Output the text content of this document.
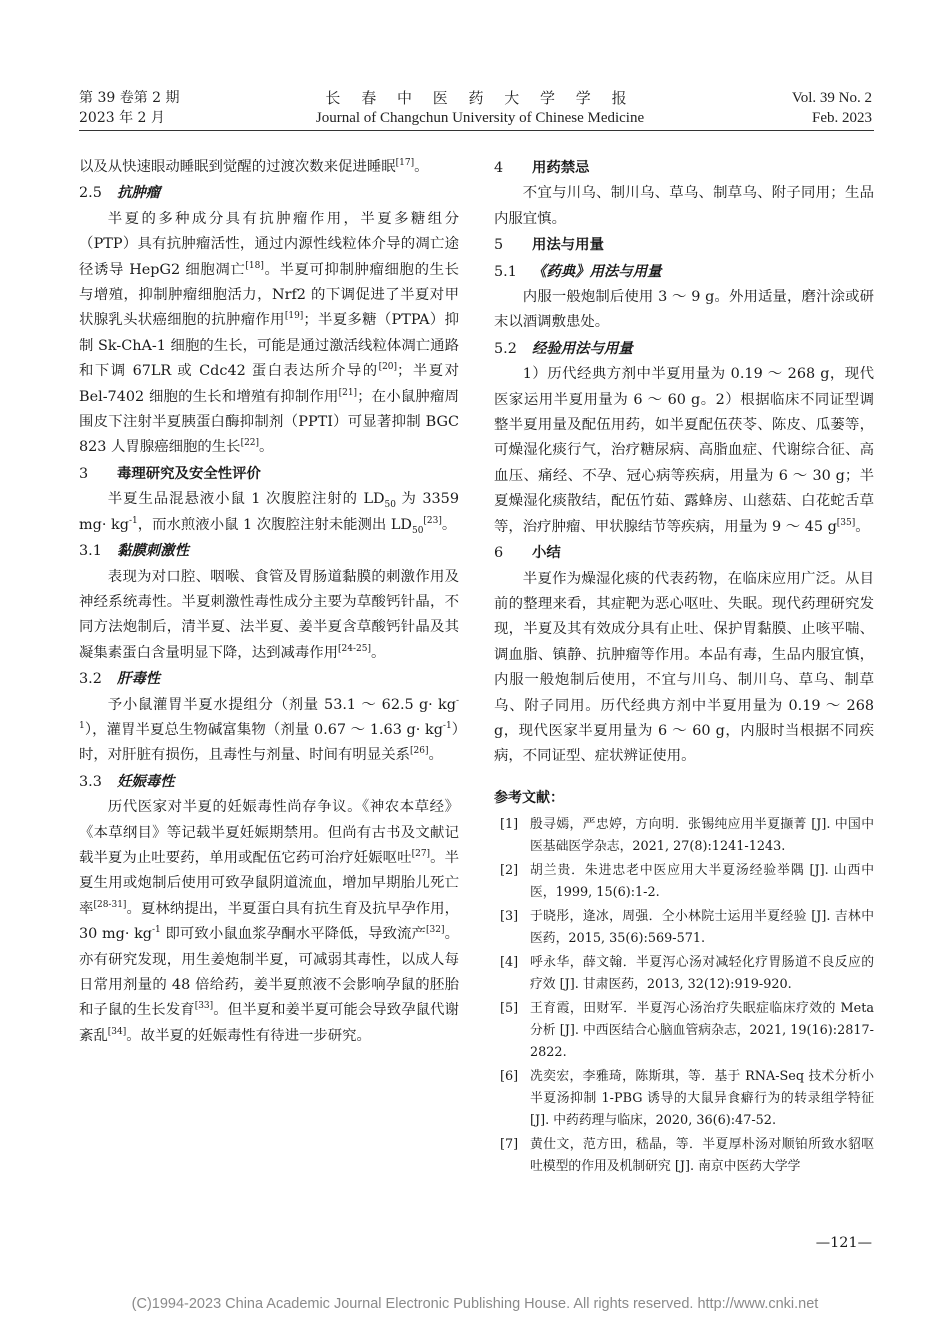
第 39 卷第 2 期
2023 年 2 月
长 春 中 医 药 大 学 学 报
Journal of Changchun University of Chinese Medicine
Vol. 39 No. 2
Feb. 2023

以及从快速眼动睡眠到觉醒的过渡次数来促进睡眠[17]。

2.5 抗肿瘤

半夏的多种成分具有抗肿瘤作用，半夏多糖组分（PTP）具有抗肿瘤活性，通过内源性线粒体介导的凋亡途径诱导 HepG2 细胞凋亡[18]。半夏可抑制肿瘤细胞的生长与增殖，抑制肿瘤细胞活力，Nrf2 的下调促进了半夏对甲状腺乳头状癌细胞的抗肿瘤作用[19]；半夏多糖（PTPA）抑制 Sk-ChA-1 细胞的生长，可能是通过激活线粒体凋亡通路和下调 67LR 或 Cdc42 蛋白表达所介导的[20]；半夏对 Bel-7402 细胞的生长和增殖有抑制作用[21]；在小鼠肿瘤周围皮下注射半夏胰蛋白酶抑制剂（PPTI）可显著抑制 BGC 823 人胃腺癌细胞的生长[22]。

3 毒理研究及安全性评价

半夏生品混悬液小鼠 1 次腹腔注射的 $LD_{50}$ 为 3359 $mg\cdot kg^{-1}$，而水煎液小鼠 1 次腹腔注射未能测出 $LD_{50}[23]$。

3.1 黏膜刺激性

表现为对口腔、咽喉、食管及胃肠道黏膜的刺激作用及神经系统毒性。半夏刺激性毒性成分主要为草酸钙针晶，不同方法炮制后，清半夏、法半夏、姜半夏含草酸钙针晶及其凝集素蛋白含量明显下降，达到减毒作用[24-25]。

3.2 肝毒性

予小鼠灌胃半夏水提组分（剂量 53.1 ～ 62.5 $g\cdot kg^{-1}$），灌胃半夏总生物碱富集物（剂量 0.67 ～ 1.63 $g\cdot kg^{-1}$）时，对肝脏有损伤，且毒性与剂量、时间有明显关系[26]。

3.3 妊娠毒性

历代医家对半夏的妊娠毒性尚存争议。《神农本草经》《本草纲目》等记载半夏妊娠期禁用。但尚有古书及文献记载半夏为止吐要药，单用或配伍它药可治疗妊娠呕吐[27]。半夏生用或炮制后使用可致孕鼠阴道流血，增加早期胎儿死亡率[28-31]。夏林纳提出，半夏蛋白具有抗生育及抗早孕作用，30 $mg\cdot kg^{-1}$ 即可致小鼠血浆孕酮水平降低，导致流产[32]。亦有研究发现，用生姜炮制半夏，可减弱其毒性，以成人每日常用剂量的 48 倍给药，姜半夏煎液不会影响孕鼠的胚胎和子鼠的生长发育[33]。但半夏和姜半夏可能会导致孕鼠代谢紊乱[34]。故半夏的妊娠毒性有待进一步研究。

4 用药禁忌

不宜与川乌、制川乌、草乌、制草乌、附子同用；生品内服宜慎。

5 用法与用量

5.1 《药典》用法与用量

内服一般炮制后使用 3 ～ 9 g。外用适量，磨汁涂或研末以酒调敷患处。

5.2 经验用法与用量

1）历代经典方剂中半夏用量为 0.19 ～ 268 g，现代医家运用半夏用量为 6 ～ 60 g。2）根据临床不同证型调整半夏用量及配伍用药，如半夏配伍茯苓、陈皮、瓜蒌等，可燥湿化痰行气，治疗糖尿病、高脂血症、代谢综合征、高血压、痛经、不孕、冠心病等疾病，用量为 6 ～ 30 g；半夏燥湿化痰散结，配伍竹茹、露蜂房、山慈菇、白花蛇舌草等，治疗肿瘤、甲状腺结节等疾病，用量为 9 ～ 45 g[35]。

6 小结

半夏作为燥湿化痰的代表药物，在临床应用广泛。从目前的整理来看，其症靶为恶心呕吐、失眠。现代药理研究发现，半夏及其有效成分具有止吐、保护胃黏膜、止咳平喘、调血脂、镇静、抗肿瘤等作用。本品有毒，生品内服宜慎，内服一般炮制后使用，不宜与川乌、制川乌、草乌、制草乌、附子同用。历代经典方剂中半夏用量为 0.19 ～ 268 g，现代医家半夏用量为 6 ～ 60 g，内服时当根据不同疾病，不同证型、症状辨证使用。

参考文献：

[1] 殷寻嫣，严忠婷，方向明．张锡纯应用半夏撷菁 [J]. 中国中医基础医学杂志，2021, 27(8):1241-1243.
[2] 胡兰贵．朱进忠老中医应用大半夏汤经验举隅 [J]. 山西中医，1999, 15(6):1-2.
[3] 于晓彤，逄冰，周强．仝小林院士运用半夏经验 [J]. 吉林中医药，2015, 35(6):569-571.
[4] 呼永华，薛文翰．半夏泻心汤对减轻化疗胃肠道不良反应的疗效 [J]. 甘肃医药，2013, 32(12):919-920.
[5] 王育霞，田财军．半夏泻心汤治疗失眠症临床疗效的 Meta 分析 [J]. 中西医结合心脑血管病杂志，2021, 19(16):2817-2822.
[6] 冼奕宏，李雅琦，陈斯琪，等．基于 RNA-Seq 技术分析小半夏汤抑制 1-PBG 诱导的大鼠异食癖行为的转录组学特征 [J]. 中药药理与临床，2020, 36(6):47-52.
[7] 黄仕文，范方田，嵇晶，等．半夏厚朴汤对顺铂所致水貂呕吐模型的作用及机制研究 [J]. 南京中医药大学学
—121—
(C)1994-2023 China Academic Journal Electronic Publishing House. All rights reserved. http://www.cnki.net
